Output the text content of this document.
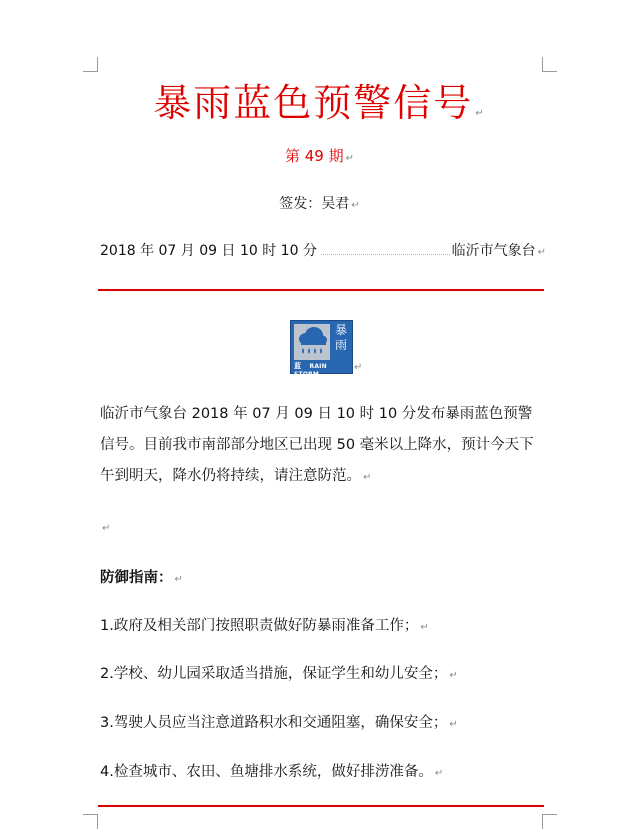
暴雨蓝色预警信号 ↵
第 49 期 ↵
签发：吴君 ↵
2018 年 07 月 09 日 10 时 10 分	临沂市气象台 ↵
暴
雨
蓝 RAIN STORM
↵
临沂市气象台 2018 年 07 月 09 日 10 时 10 分发布暴雨蓝色预警信号。目前我市南部部分地区已出现 50 毫米以上降水，预计今天下午到明天，降水仍将持续，请注意防范。 ↵
↵
防御指南： ↵
1.政府及相关部门按照职责做好防暴雨准备工作； ↵
2.学校、幼儿园采取适当措施，保证学生和幼儿安全； ↵
3.驾驶人员应当注意道路积水和交通阻塞，确保安全； ↵
4.检查城市、农田、鱼塘排水系统，做好排涝准备。 ↵
